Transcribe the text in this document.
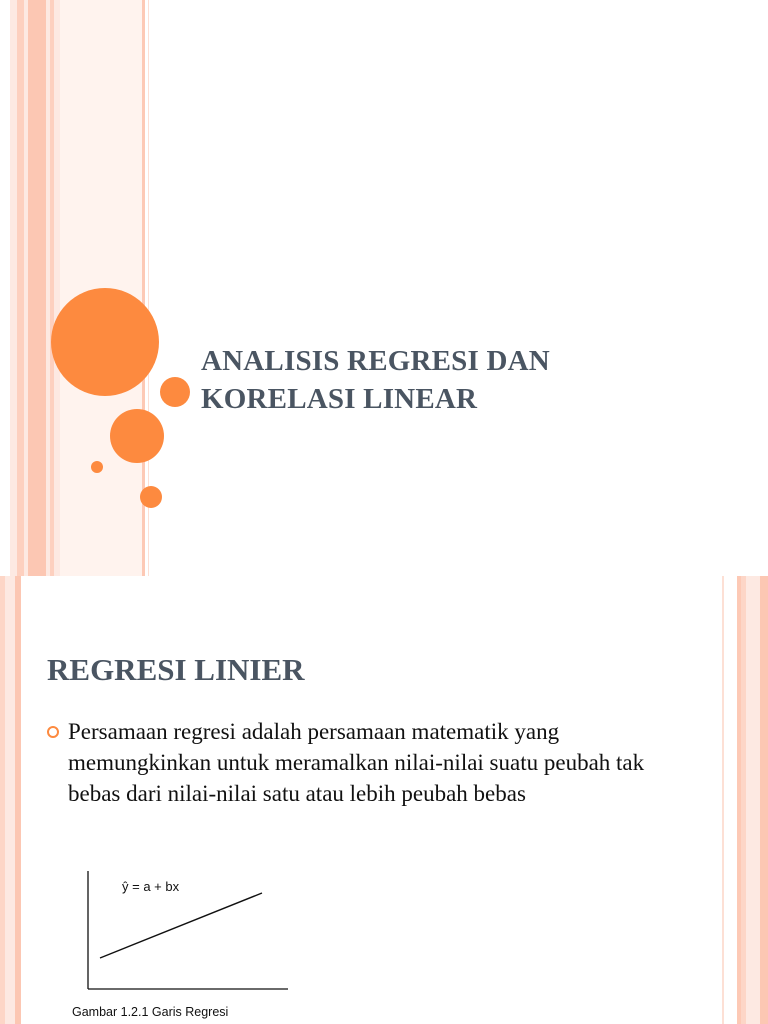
ANALISIS REGRESI DAN
KORELASI LINEAR
REGRESI LINIER
Persamaan regresi adalah persamaan matematik yang memungkinkan untuk meramalkan nilai-nilai suatu peubah tak bebas dari nilai-nilai satu atau lebih peubah bebas
ŷ = a + bx
Gambar 1.2.1 Garis Regresi
